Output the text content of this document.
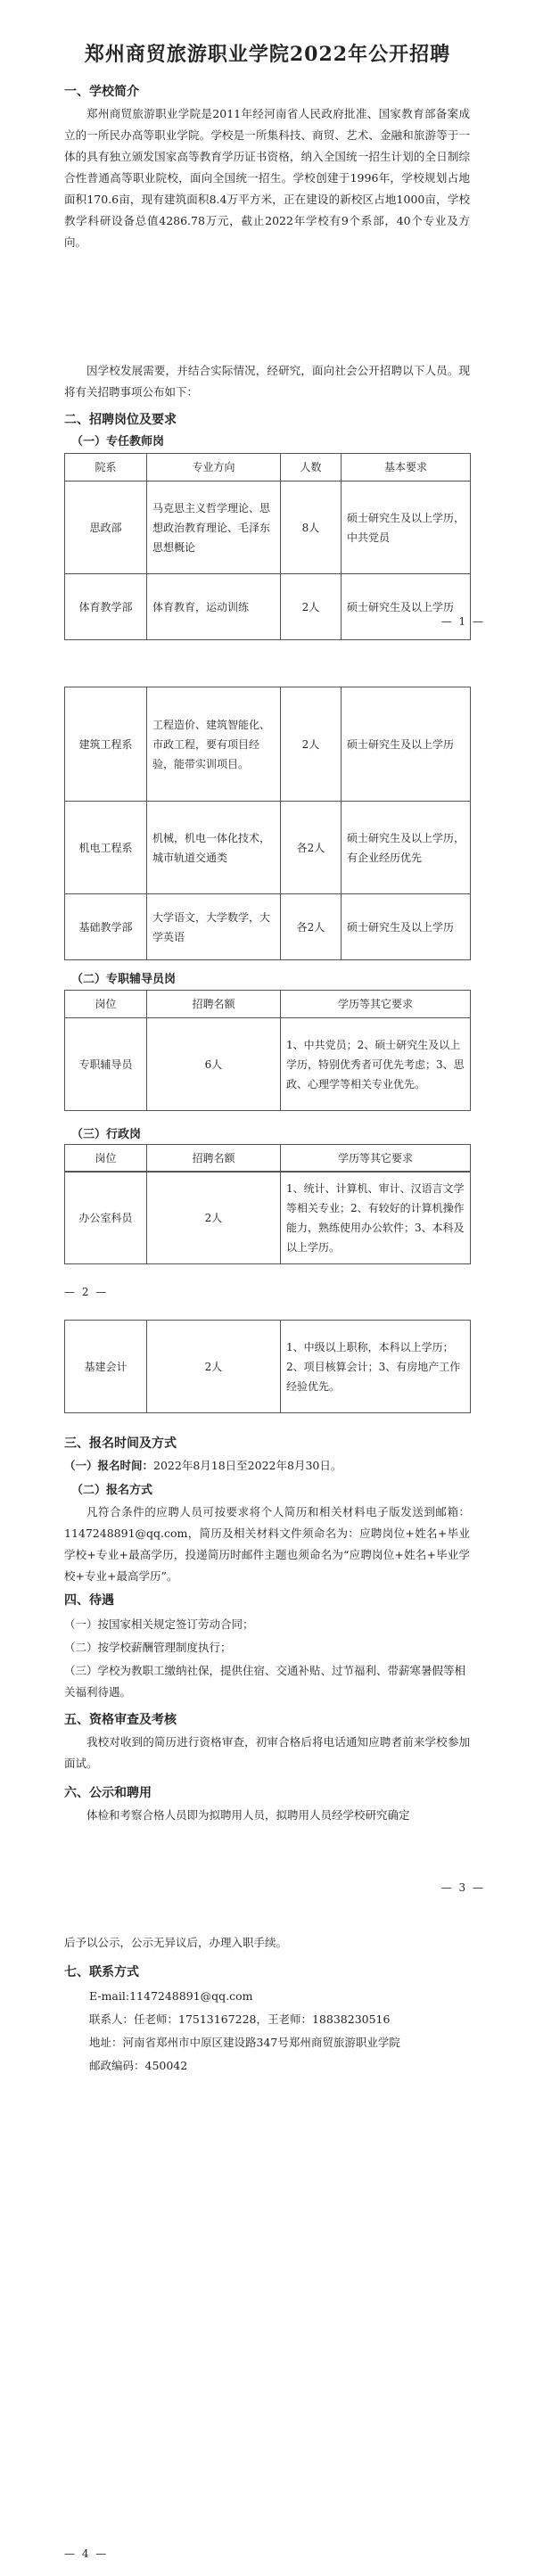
郑州商贸旅游职业学院2022年公开招聘
一、学校简介
郑州商贸旅游职业学院是2011年经河南省人民政府批准、国家教育部备案成立的一所民办高等职业学院。学校是一所集科技、商贸、艺术、金融和旅游等于一体的具有独立颁发国家高等教育学历证书资格，纳入全国统一招生计划的全日制综合性普通高等职业院校，面向全国统一招生。学校创建于1996年，学校规划占地面积170.6亩，现有建筑面积8.4万平方米，正在建设的新校区占地1000亩，学校教学科研设备总值4286.78万元，截止2022年学校有9个系部，40个专业及方向。
因学校发展需要，并结合实际情况，经研究，面向社会公开招聘以下人员。现将有关招聘事项公布如下：
二、招聘岗位及要求
（一）专任教师岗
院系	专业方向	人数	基本要求
思政部	马克思主义哲学理论、思想政治教育理论、毛泽东思想概论	8人	硕士研究生及以上学历，中共党员
体育教学部	体育教育，运动训练	2人	硕士研究生及以上学历
— 1 —
建筑工程系	工程造价、建筑智能化、市政工程，要有项目经验，能带实训项目。	2人	硕士研究生及以上学历
机电工程系	机械，机电一体化技术，城市轨道交通类	各2人	硕士研究生及以上学历，有企业经历优先
基础教学部	大学语文，大学数学，大学英语	各2人	硕士研究生及以上学历
（二）专职辅导员岗
岗位	招聘名额	学历等其它要求
专职辅导员	6人	1、中共党员；2、硕士研究生及以上学历，特别优秀者可优先考虑；3、思政、心理学等相关专业优先。
（三）行政岗
岗位	招聘名额	学历等其它要求
办公室科员	2人	1、统计、计算机、审计、汉语言文学等相关专业；2、有较好的计算机操作能力，熟练使用办公软件；3、本科及以上学历。
— 2 —
基建会计	2人	1、中级以上职称，本科以上学历；2、项目核算会计；3、有房地产工作经验优先。
三、报名时间及方式
（一）报名时间：2022年8月18日至2022年8月30日。
（二）报名方式
凡符合条件的应聘人员可按要求将个人简历和相关材料电子版发送到邮箱：1147248891@qq.com，简历及相关材料文件须命名为：应聘岗位+姓名+毕业学校+专业+最高学历，投递简历时邮件主题也须命名为“应聘岗位+姓名+毕业学校+专业+最高学历”。
四、待遇
（一）按国家相关规定签订劳动合同；
（二）按学校薪酬管理制度执行；
（三）学校为教职工缴纳社保，提供住宿、交通补贴、过节福利、带薪寒暑假等相关福利待遇。
五、资格审查及考核
我校对收到的简历进行资格审查，初审合格后将电话通知应聘者前来学校参加面试。
六、公示和聘用
体检和考察合格人员即为拟聘用人员，拟聘用人员经学校研究确定
— 3 —
后予以公示，公示无异议后，办理入职手续。
七、联系方式
E-mail:1147248891@qq.com
联系人：任老师：17513167228，王老师：18838230516
地址：河南省郑州市中原区建设路347号郑州商贸旅游职业学院
邮政编码：450042
— 4 —
